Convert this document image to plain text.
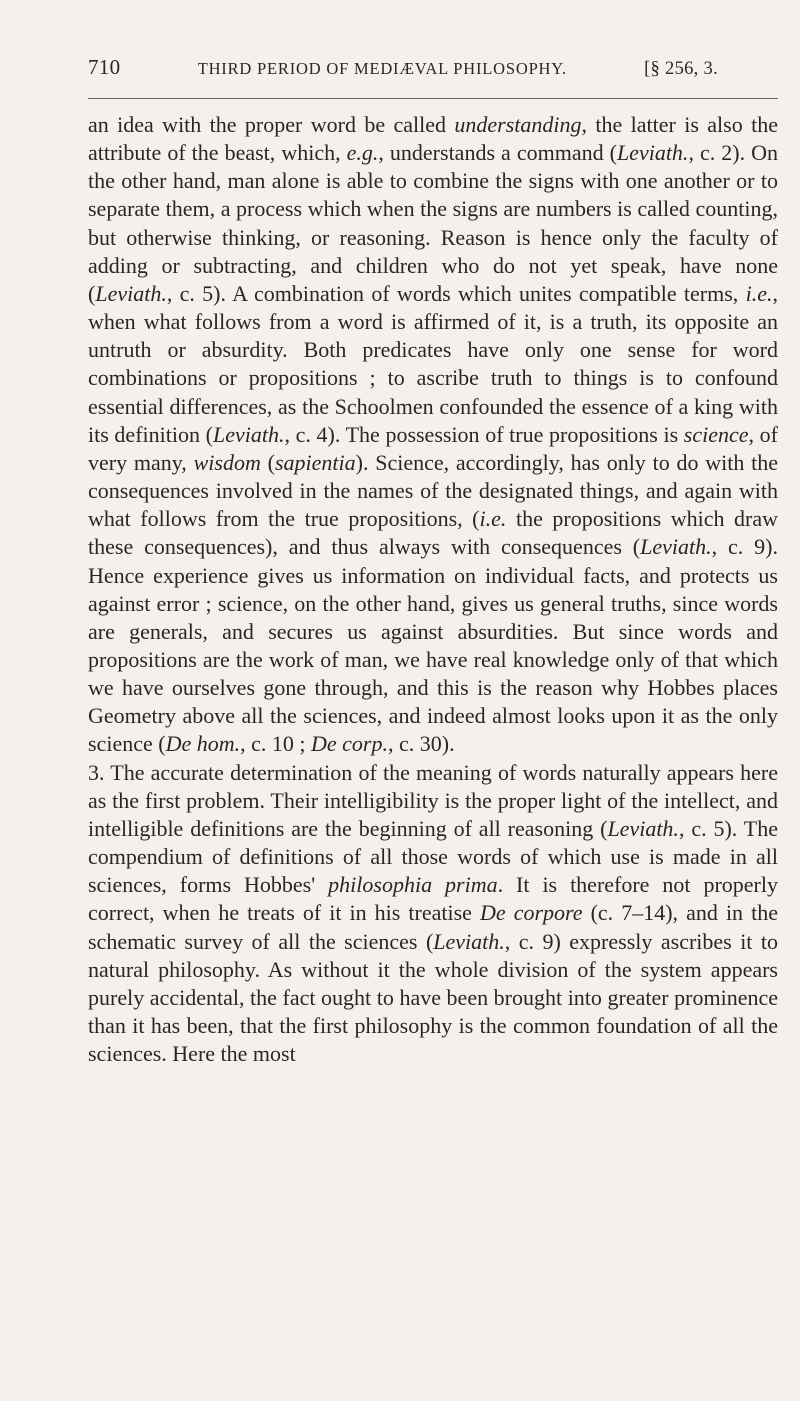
710	THIRD PERIOD OF MEDIÆVAL PHILOSOPHY.	[§ 256, 3.

an idea with the proper word be called understanding, the latter is also the attribute of the beast, which, e.g., understands a command (Leviath., c. 2). On the other hand, man alone is able to combine the signs with one another or to separate them, a process which when the signs are numbers is called counting, but otherwise thinking, or reasoning. Reason is hence only the faculty of adding or subtracting, and children who do not yet speak, have none (Leviath., c. 5). A combination of words which unites compatible terms, i.e., when what follows from a word is affirmed of it, is a truth, its opposite an untruth or absurdity. Both predicates have only one sense for word combinations or propositions ; to ascribe truth to things is to confound essential differences, as the Schoolmen confounded the essence of a king with its definition (Leviath., c. 4). The possession of true propositions is science, of very many, wisdom (sapientia). Science, accordingly, has only to do with the consequences involved in the names of the designated things, and again with what follows from the true propositions, (i.e. the propositions which draw these consequences), and thus always with consequences (Leviath., c. 9). Hence experience gives us information on individual facts, and protects us against error ; science, on the other hand, gives us general truths, since words are generals, and secures us against absurdities. But since words and propositions are the work of man, we have real knowledge only of that which we have ourselves gone through, and this is the reason why Hobbes places Geometry above all the sciences, and indeed almost looks upon it as the only science (De hom., c. 10 ; De corp., c. 30).

3. The accurate determination of the meaning of words naturally appears here as the first problem. Their intelligibility is the proper light of the intellect, and intelligible definitions are the beginning of all reasoning (Leviath., c. 5). The compendium of definitions of all those words of which use is made in all sciences, forms Hobbes' philosophia prima. It is therefore not properly correct, when he treats of it in his treatise De corpore (c. 7–14), and in the schematic survey of all the sciences (Leviath., c. 9) expressly ascribes it to natural philosophy. As without it the whole division of the system appears purely accidental, the fact ought to have been brought into greater prominence than it has been, that the first philosophy is the common foundation of all the sciences. Here the most
